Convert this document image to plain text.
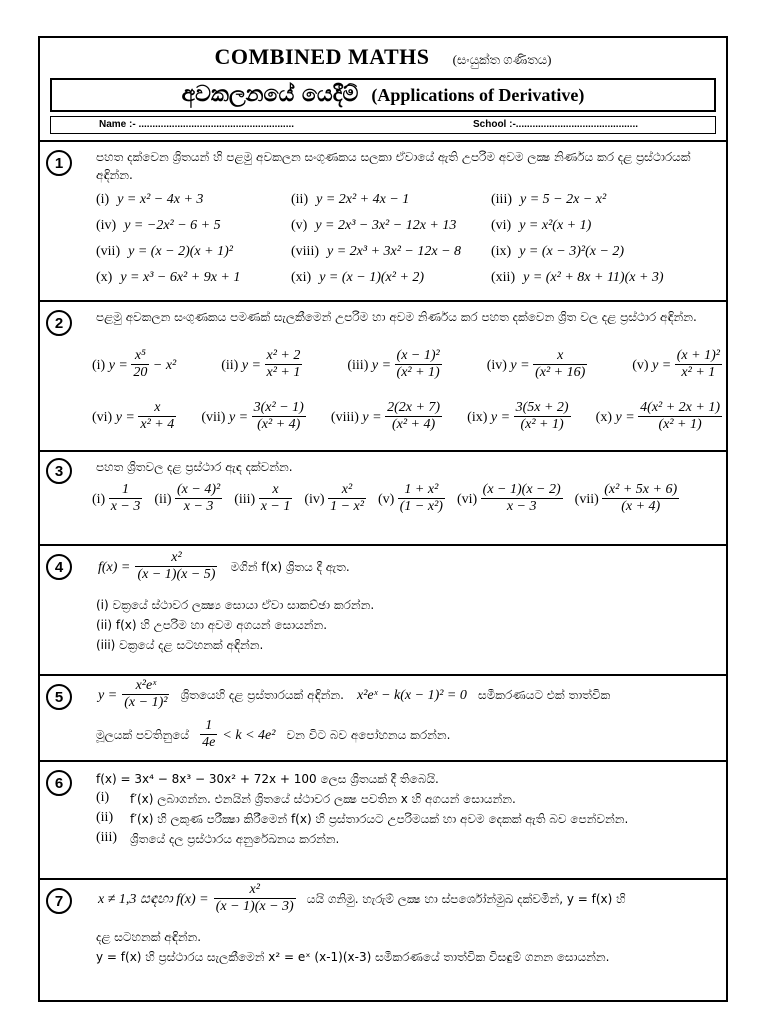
COMBINED MATHS (සංයුක්ත ගණිතය)
අවකලනයේ යෙදීම් (Applications of Derivative)
Name :- ........................................................	School :-............................................
1	පහත දක්වෙන ශ්‍රිතයන් හි පළමු අවකලන සංගුණකය සලකා ඒවායේ ඇති උපරිම අවම ලක්‍ෂ නිර්ණය කර දළ ප්‍රස්ථාරයක් අඳින්න.
(i) y = x² − 4x + 3	(ii) y = 2x² + 4x − 1	(iii) y = 5 − 2x − x²
(iv) y = −2x² − 6 + 5	(v) y = 2x³ − 3x² − 12x + 13	(vi) y = x²(x + 1)
(vii) y = (x − 2)(x + 1)²	(viii) y = 2x³ + 3x² − 12x − 8	(ix) y = (x − 3)²(x − 2)
(x) y = x³ − 6x² + 9x + 1	(xi) y = (x − 1)(x² + 2)	(xii) y = (x² + 8x + 11)(x + 3)
2	පළමු අවකලන සංගුණකය පමණක් සැලකීමෙන් උපරිම හා අවම නිර්ණය කර පහත දක්වෙන ශ්‍රිත වල දළ ප්‍රස්ථාර අඳින්න.
(i) $y = \frac{\text{x⁵}}{20} - x^2$	(ii) $y = \frac{\text{x² + 2}}{\text{x² + 1}}$	(iii) $y = \frac{\text{(x − 1)²}}{\text{(x² + 1)}}$	(iv) $y = \frac{x}{\text{(x² + 16)}}$	(v) $y = \frac{\text{(x + 1)²}}{\text{x² + 1}}$
(vi) $y = \frac{x}{\text{x² + 4}} (vii) y = \frac{\text{3(x² − 1)}}{\text{(x² + 4)}}$ (viii) $y = \frac{2(2x + 7)}{\text{(x² + 4)}} (ix) y = \frac{3(5x + 2)}{\text{(x² + 1)}} (x) y = \frac{\text{4(x² + 2x + 1)}}{\text{(x² + 1)}}$
3	පහත ශ්‍රිතවල දළ ප්‍රස්ථාර ඇඳ දක්වන්න.
$(i) \frac{1}{x - 3} (ii) \frac{\text{(x − 4)²}}{x - 3} (iii) \frac{x}{x - 1} (iv) \frac{\text{x²}}{\text{1 − x²}} (v) \frac{\text{1 + x²}}{\text{(1 − x²)}} (vi) \frac{(x - 1)(x - 2)}{x - 3} (vii) \frac{\text{(x² + 5x + 6)}}{(x + 4)}$
4	$f(x) = \frac{\text{x²}}{(x - 1)(x - 5)}$ මගින් f(x) ශ්‍රිතය දී ඇත.
(i) වක්‍රයේ ස්ථාවර ලක්‍ෂ්‍ය සොයා ඒවා සාකච්ඡා කරන්න.
(ii) f(x) හි උපරිම හා අවම අගයන් සොයන්න.
(iii) වක්‍රයේ දළ සටහනක් අඳින්න.
5	$y = \frac{\text{x²eˣ}}{\text{(x − 1)²}}$ ශ්‍රිතයෙහි දළ ප්‍රස්තාරයක් අඳින්න. x²eˣ − k(x − 1)² = 0 සමීකරණයට එක් තාත්වික
මූලයක් පවතිනුයේ $\frac{1}{4e} < k < 4e^2$ වන විට බව අපෝහනය කරන්න.
6	f(x) = 3x⁴ − 8x³ − 30x² + 72x + 100 ලෙස ශ්‍රිතයක් දී තිබෙයි.
(i)	f′(x) ලබාගන්න. එනයින් ශ්‍රිතයේ ස්ථාවර ලක්‍ෂ පවතින x හි අගයන් සොයන්න.
(ii)	f′(x) හි ලකුණ පරීක්‍ෂා කිරීමෙන් f(x) හි ප්‍රස්තාරයට උපරිමයක් හා අවම දෙකක් ඇති බව පෙන්වන්න.
(iii)	ශ්‍රිතයේ දල ප්‍රස්ථාරය අනුරේඛනය කරන්න.
7	x ≠ 1,3 සඳහා $f(x) = \frac{\text{x²}}{(x - 1)(x - 3)}$ යයි ගනිමු. හැරුම් ලක්‍ෂ හා ස්පර්ශෝන්මුඛ දක්වමින්, y = f(x) හි
දළ සටහනක් අඳින්න.
y = f(x) හි ප්‍රස්ථාරය සැලකීමෙන් x² = eˣ (x-1)(x-3) සමීකරණයේ තාත්වික විසඳුම් ගනන සොයන්න.
